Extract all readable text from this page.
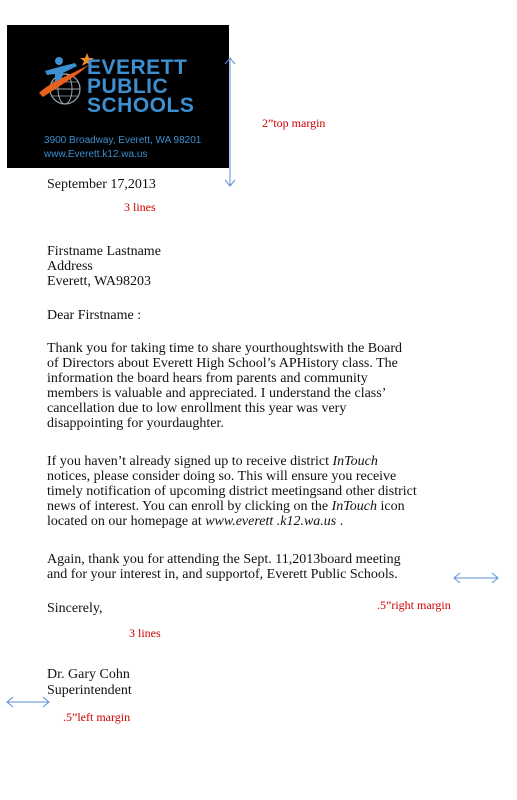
EVERETT
PUBLIC
SCHOOLS
3900 Broadway, Everett, WA 98201
www.Everett.k12.wa.us
2”top margin
September 17,2013
3 lines
Firstname Lastname
Address
Everett, WA98203
Dear Firstname :
Thank you for taking time to share yourthoughtswith the Board
of Directors about Everett High School’s APHistory class. The
information the board hears from parents and community
members is valuable and appreciated. I understand the class’
cancellation due to low enrollment this year was very
disappointing for yourdaughter.
If you haven’t already signed up to receive district InTouch
notices, please consider doing so. This will ensure you receive
timely notification of upcoming district meetingsand other district
news of interest. You can enroll by clicking on the InTouch icon
located on our homepage at www.everett .k12.wa.us .
Again, thank you for attending the Sept. 11,2013board meeting
and for your interest in, and supportof, Everett Public Schools.
Sincerely,	.5”right margin
3 lines
Dr. Gary Cohn
Superintendent
.5”left margin
